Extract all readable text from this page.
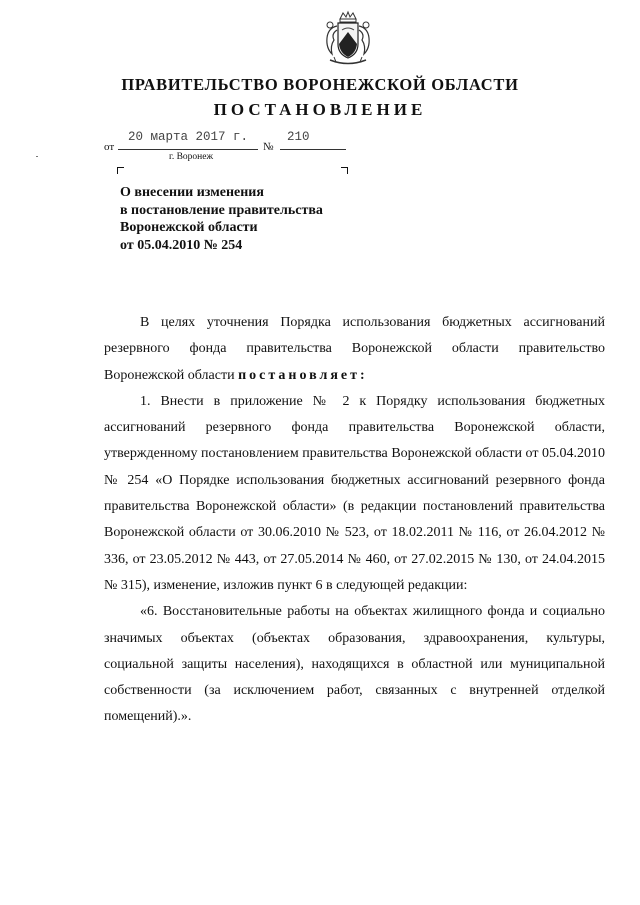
ПРАВИТЕЛЬСТВО ВОРОНЕЖСКОЙ ОБЛАСТИ
ПОСТАНОВЛЕНИЕ
от
20 марта 2017 г.
№
210
г. Воронеж
О внесении изменения
в постановление правительства
Воронежской области
от 05.04.2010 № 254

В целях уточнения Порядка использования бюджетных ассигнований резервного фонда правительства Воронежской области правительство Воронежской области постановляет:

1. Внести в приложение № 2 к Порядку использования бюджетных ассигнований резервного фонда правительства Воронежской области, утвержденному постановлением правительства Воронежской области от 05.04.2010 № 254 «О Порядке использования бюджетных ассигнований резервного фонда правительства Воронежской области» (в редакции постановлений правительства Воронежской области от 30.06.2010 № 523, от 18.02.2011 № 116, от 26.04.2012 № 336, от 23.05.2012 № 443, от 27.05.2014 № 460, от 27.02.2015 № 130, от 24.04.2015 № 315), изменение, изложив пункт 6 в следующей редакции:

«6. Восстановительные работы на объектах жилищного фонда и социально значимых объектах (объектах образования, здравоохранения, культуры, социальной защиты населения), находящихся в областной или муниципальной собственности (за исключением работ, связанных с внутренней отделкой помещений).».
